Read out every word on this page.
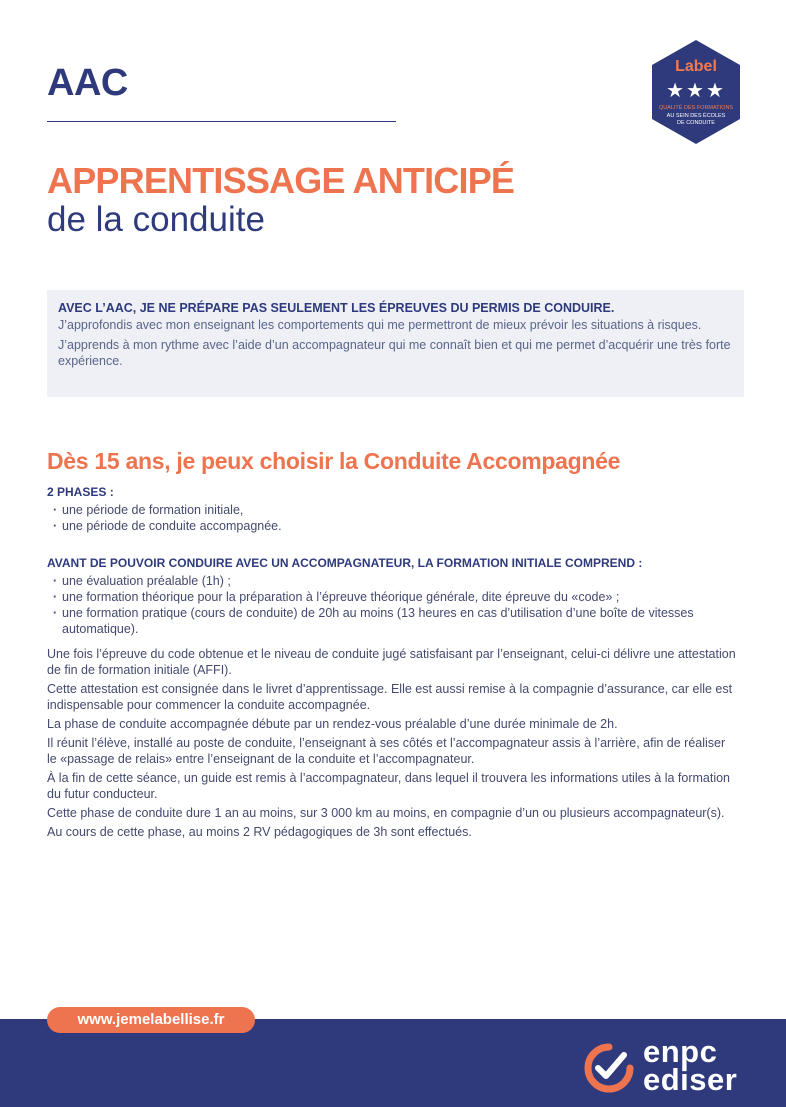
AAC	Label
★★★
QUALITÉ DES FORMATIONS
AU SEIN DES ÉCOLES
DE CONDUITE
APPRENTISSAGE ANTICIPÉ
de la conduite
AVEC L’AAC, JE NE PRÉPARE PAS SEULEMENT LES ÉPREUVES DU PERMIS DE CONDUIRE.

J’approfondis avec mon enseignant les comportements qui me permettront de mieux prévoir les situations à risques.

J’apprends à mon rythme avec l’aide d’un accompagnateur qui me connaît bien et qui me permet d’acquérir une très forte expérience.

Dès 15 ans, je peux choisir la Conduite Accompagnée
2 PHASES :
· une période de formation initiale,
· une période de conduite accompagnée.
AVANT DE POUVOIR CONDUIRE AVEC UN ACCOMPAGNATEUR, LA FORMATION INITIALE COMPREND :
· une évaluation préalable (1h) ;
· une formation théorique pour la préparation à l’épreuve théorique générale, dite épreuve du «code» ;
· une formation pratique (cours de conduite) de 20h au moins (13 heures en cas d’utilisation d’une boîte de vitesses automatique).

Une fois l’épreuve du code obtenue et le niveau de conduite jugé satisfaisant par l’enseignant, celui-ci délivre une attestation de fin de formation initiale (AFFI).

Cette attestation est consignée dans le livret d’apprentissage. Elle est aussi remise à la compagnie d’assurance, car elle est indispensable pour commencer la conduite accompagnée.

La phase de conduite accompagnée débute par un rendez-vous préalable d’une durée minimale de 2h.

Il réunit l’élève, installé au poste de conduite, l’enseignant à ses côtés et l’accompagnateur assis à l’arrière, afin de réaliser le «passage de relais» entre l’enseignant de la conduite et l’accompagnateur.

À la fin de cette séance, un guide est remis à l’accompagnateur, dans lequel il trouvera les informations utiles à la formation du futur conducteur.

Cette phase de conduite dure 1 an au moins, sur 3 000 km au moins, en compagnie d’un ou plusieurs accompagnateur(s).

Au cours de cette phase, au moins 2 RV pédagogiques de 3h sont effectués.

www.jemelabellise.fr
enpc
ediser
